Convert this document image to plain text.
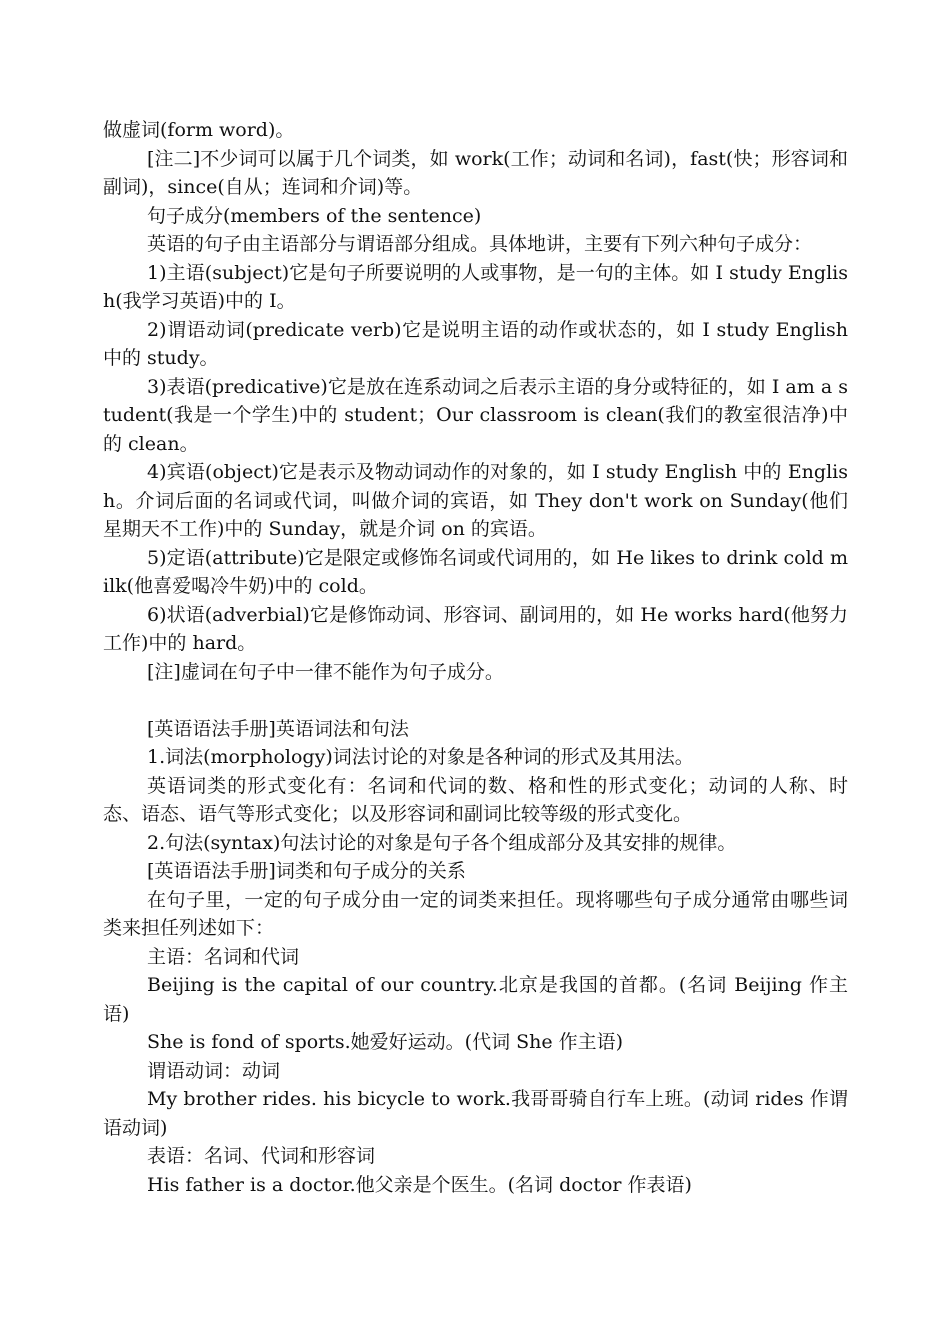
做虚词(form word)。

[注二]不少词可以属于几个词类，如 work(工作；动词和名词)，fast(快；形容词和副词)，since(自从；连词和介词)等。

句子成分(members of the sentence)

英语的句子由主语部分与谓语部分组成。具体地讲，主要有下列六种句子成分：

1)主语(subject)它是句子所要说明的人或事物，是一句的主体。如 I study English(我学习英语)中的 I。

2)谓语动词(predicate verb)它是说明主语的动作或状态的，如 I study English 中的 study。

3)表语(predicative)它是放在连系动词之后表示主语的身分或特征的，如 I am a student(我是一个学生)中的 student；Our classroom is clean(我们的教室很洁净)中的 clean。

4)宾语(object)它是表示及物动词动作的对象的，如 I study English 中的 English。介词后面的名词或代词，叫做介词的宾语，如 They don't work on Sunday(他们星期天不工作)中的 Sunday，就是介词 on 的宾语。

5)定语(attribute)它是限定或修饰名词或代词用的，如 He likes to drink cold milk(他喜爱喝冷牛奶)中的 cold。

6)状语(adverbial)它是修饰动词、形容词、副词用的，如 He works hard(他努力工作)中的 hard。

[注]虚词在句子中一律不能作为句子成分。

[英语语法手册]英语词法和句法

1.词法(morphology)词法讨论的对象是各种词的形式及其用法。

英语词类的形式变化有：名词和代词的数、格和性的形式变化；动词的人称、时态、语态、语气等形式变化；以及形容词和副词比较等级的形式变化。

2.句法(syntax)句法讨论的对象是句子各个组成部分及其安排的规律。

[英语语法手册]词类和句子成分的关系

在句子里，一定的句子成分由一定的词类来担任。现将哪些句子成分通常由哪些词类来担任列述如下：

主语：名词和代词

Beijing is the capital of our country.北京是我国的首都。(名词 Beijing 作主语)

She is fond of sports.她爱好运动。(代词 She 作主语)

谓语动词：动词

My brother rides. his bicycle to work.我哥哥骑自行车上班。(动词 rides 作谓语动词)

表语：名词、代词和形容词

His father is a doctor.他父亲是个医生。(名词 doctor 作表语)
